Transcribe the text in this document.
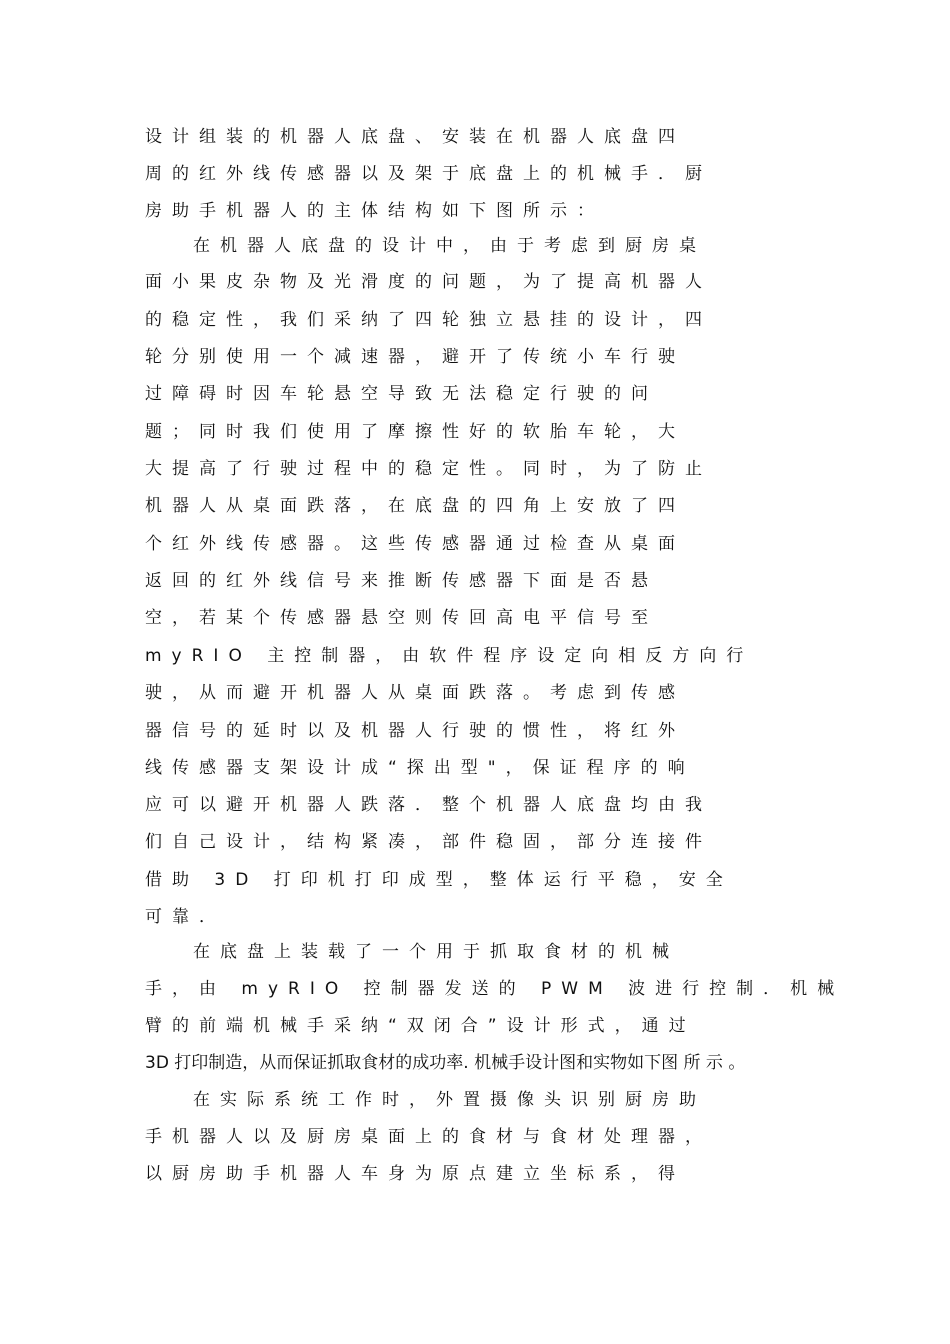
设计组装的机器人底盘、安装在机器人底盘四
周的红外线传感器以及架于底盘上的机械手．厨
房助手机器人的主体结构如下图所示：
在机器人底盘的设计中，由于考虑到厨房桌
面小果皮杂物及光滑度的问题，为了提高机器人
的稳定性，我们采纳了四轮独立悬挂的设计，四
轮分别使用一个减速器，避开了传统小车行驶
过障碍时因车轮悬空导致无法稳定行驶的问
题；同时我们使用了摩擦性好的软胎车轮，大
大提高了行驶过程中的稳定性。同时，为了防止
机器人从桌面跌落，在底盘的四角上安放了四
个红外线传感器。这些传感器通过检查从桌面
返回的红外线信号来推断传感器下面是否悬
空，若某个传感器悬空则传回高电平信号至
myRIO 主控制器，由软件程序设定向相反方向行
驶，从而避开机器人从桌面跌落。考虑到传感
器信号的延时以及机器人行驶的惯性，将红外
线传感器支架设计成“探出型"，保证程序的响
应可以避开机器人跌落．整个机器人底盘均由我
们自己设计，结构紧凑，部件稳固，部分连接件
借助 3D 打印机打印成型，整体运行平稳，安全
可靠．
在底盘上装载了一个用于抓取食材的机械
手，由 myRIO 控制器发送的 PWM 波进行控制．机械
臂的前端机械手采纳“双闭合”设计形式，通过
3D 打印制造，从而保证抓取食材的成功率. 机械手设计图和实物如下图 所 示 。
在实际系统工作时，外置摄像头识别厨房助
手机器人以及厨房桌面上的食材与食材处理器，
以厨房助手机器人车身为原点建立坐标系，得
